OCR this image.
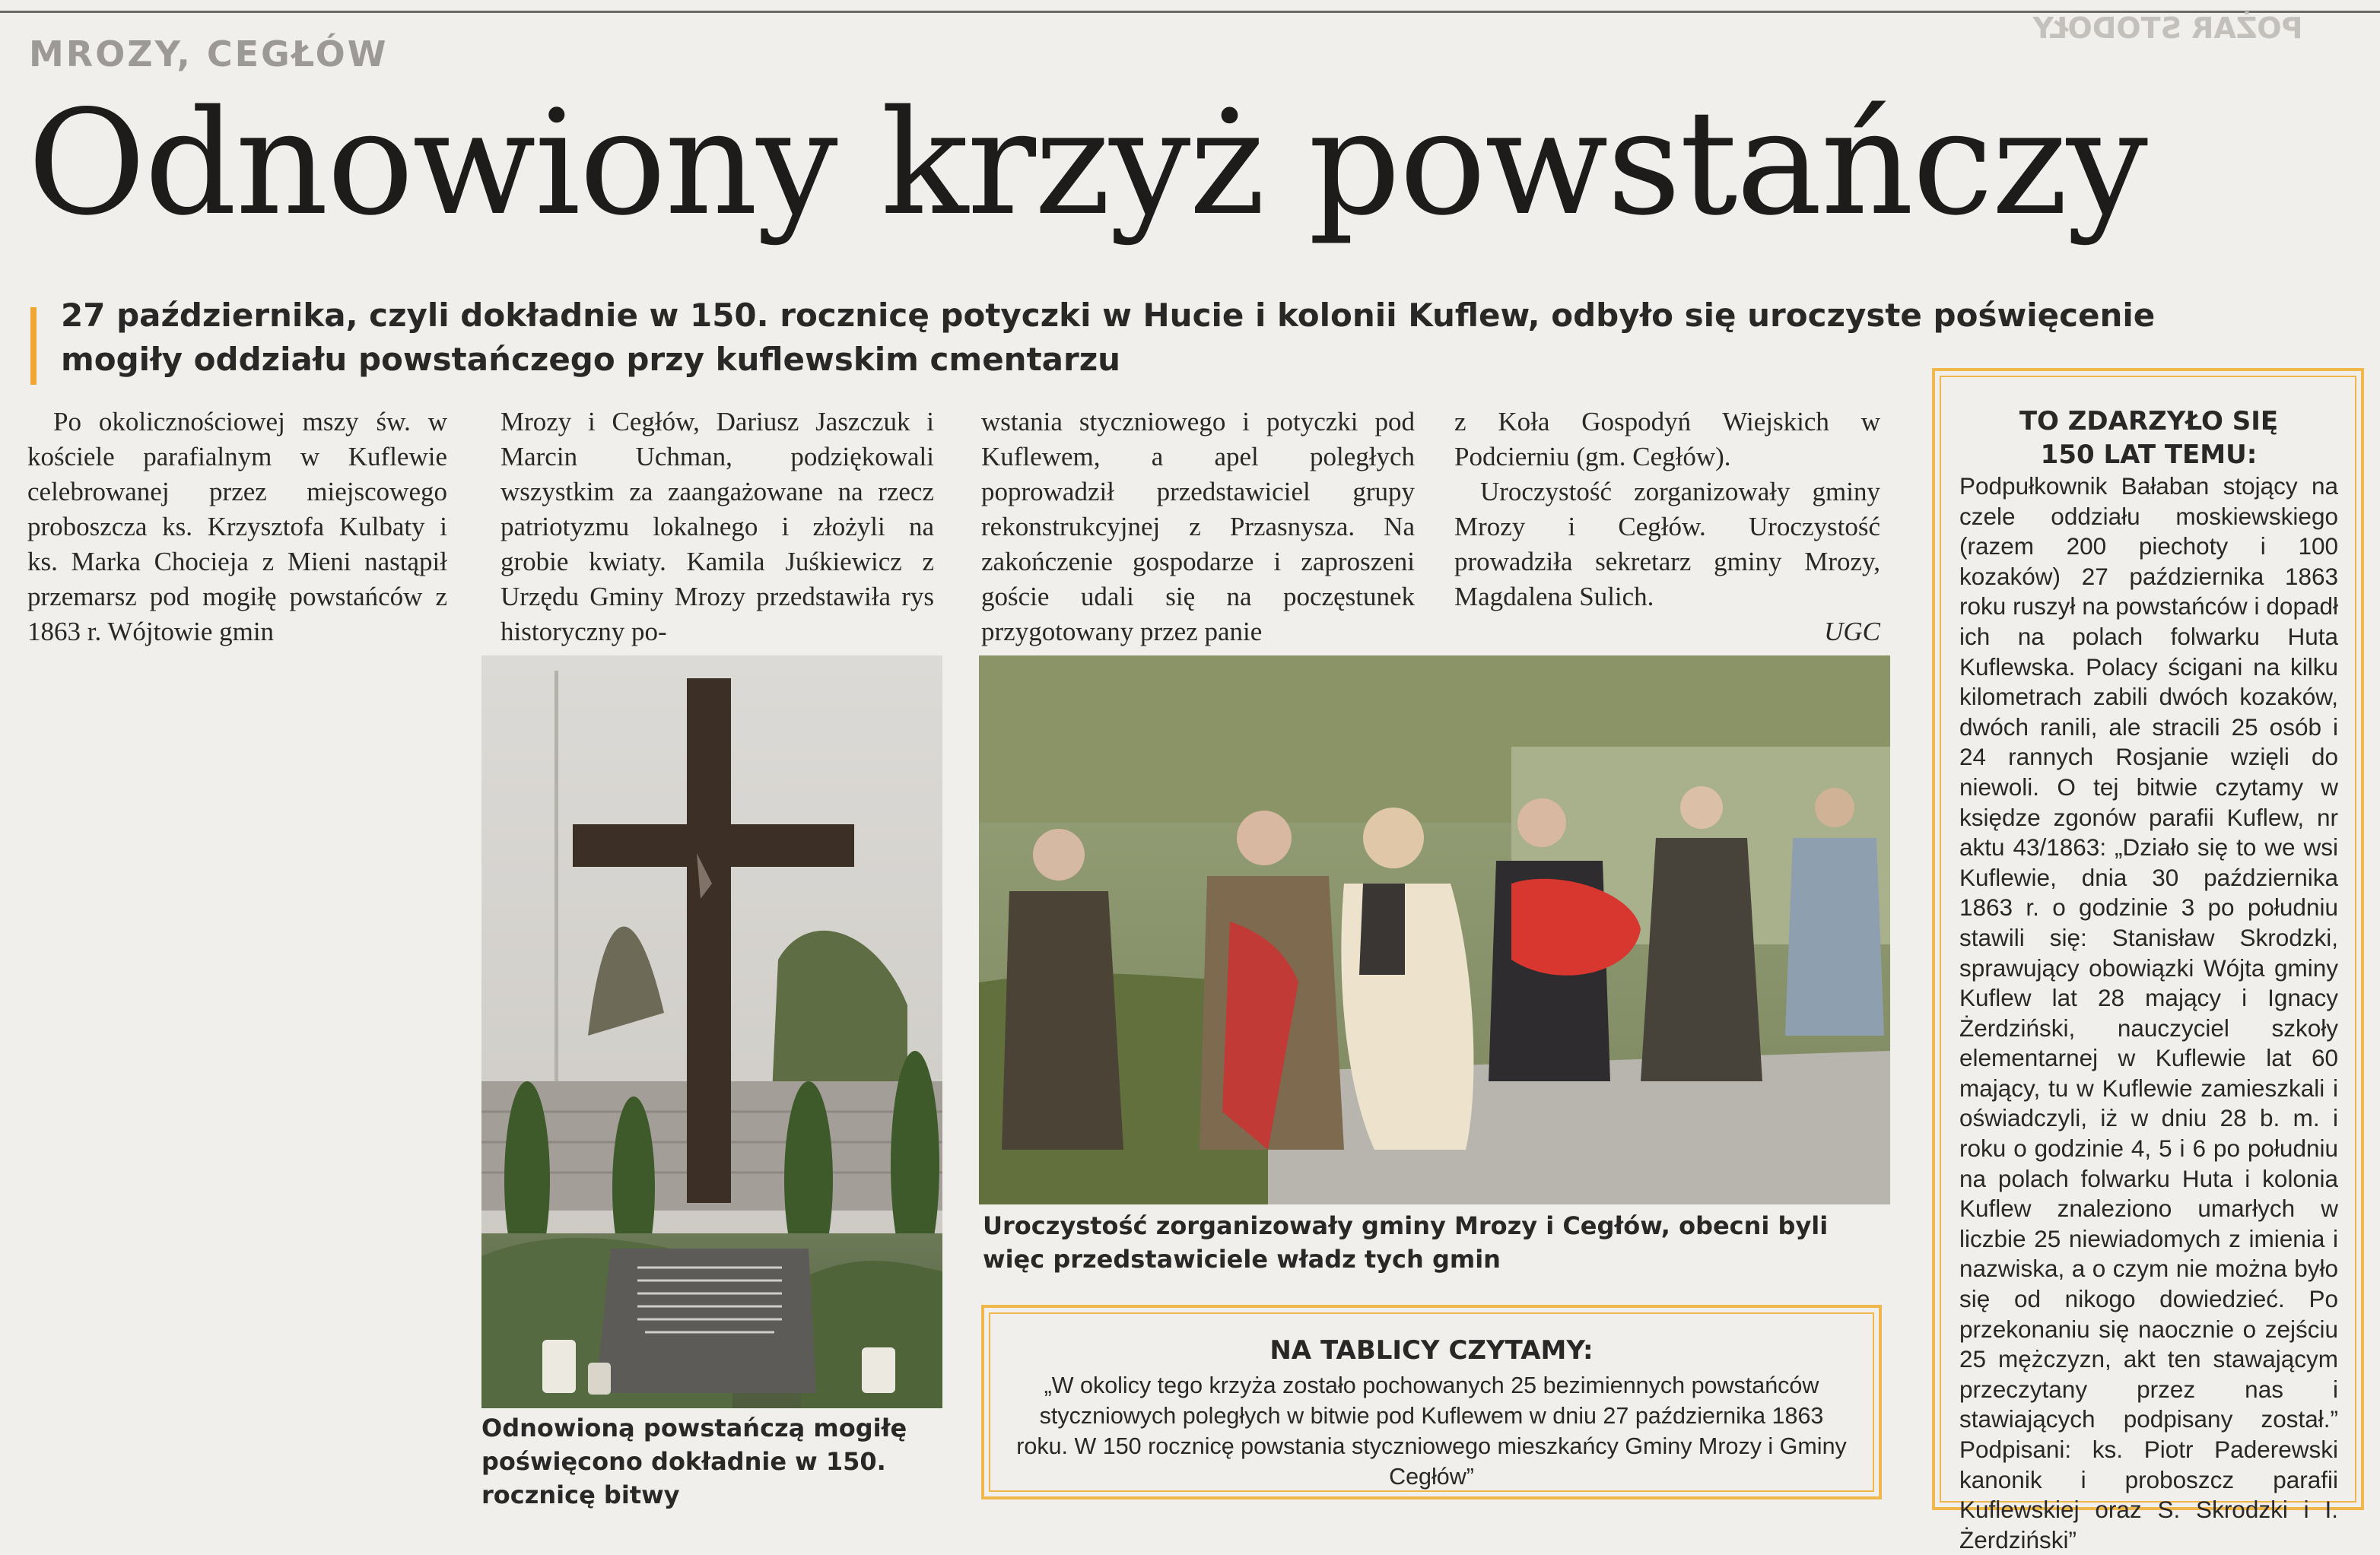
POŻAR STODOŁY
MROZY, CEGŁÓW
Odnowiony krzyż powstańczy
27 października, czyli dokładnie w 150. rocznicę potyczki w Hucie i kolonii Kuflew, odbyło się uroczyste poświęcenie mogiły oddziału powstańczego przy kuflewskim cmentarzu

Po okolicznościowej mszy św. w kościele parafialnym w Kuflewie celebrowanej przez miejscowego proboszcza ks. Krzysztofa Kulbaty i ks. Marka Chocieja z Mieni nastąpił przemarsz pod mogiłę powstańców z 1863 r. Wójtowie gmin

Mrozy i Cegłów, Dariusz Jaszczuk i Marcin Uchman, podziękowali wszystkim za zaangażowane na rzecz patriotyzmu lokalnego i złożyli na grobie kwiaty. Kamila Juśkiewicz z Urzędu Gminy Mrozy przedstawiła rys historyczny po-

wstania styczniowego i potyczki pod Kuflewem, a apel poległych poprowadził przedstawiciel grupy rekonstrukcyjnej z Przasnysza. Na zakończenie gospodarze i zaproszeni goście udali się na poczęstunek przygotowany przez panie

z Koła Gospodyń Wiejskich w Podcierniu (gm. Cegłów).

Uroczystość zorganizowały gminy Mrozy i Cegłów. Uroczystość prowadziła sekretarz gminy Mrozy, Magdalena Sulich.

UGC

Odnowioną powstańczą mogiłę poświęcono dokładnie w 150. rocznicę bitwy
Uroczystość zorganizowały gminy Mrozy i Cegłów, obecni byli więc przedstawiciele władz tych gmin
NA TABLICY CZYTAMY:
„W okolicy tego krzyża zostało pochowanych 25 bezimiennych powstańców styczniowych poległych w bitwie pod Kuflewem w dniu 27 października 1863 roku. W 150 rocznicę powstania styczniowego mieszkańcy Gminy Mrozy i Gminy Cegłów”
TO ZDARZYŁO SIĘ 150 LAT TEMU:
Podpułkownik Bałaban stojący na czele oddziału moskiewskiego (razem 200 piechoty i 100 kozaków) 27 października 1863 roku ruszył na powstańców i dopadł ich na polach folwarku Huta Kuflewska. Polacy ścigani na kilku kilometrach zabili dwóch kozaków, dwóch ranili, ale stracili 25 osób i 24 rannych Rosjanie wzięli do niewoli. O tej bitwie czytamy w księdze zgonów parafii Kuflew, nr aktu 43/1863: „Działo się to we wsi Kuflewie, dnia 30 października 1863 r. o godzinie 3 po południu stawili się: Stanisław Skrodzki, sprawujący obowiązki Wójta gminy Kuflew lat 28 mający i Ignacy Żerdziński, nauczyciel szkoły elementarnej w Kuflewie lat 60 mający, tu w Kuflewie zamieszkali i oświadczyli, iż w dniu 28 b. m. i roku o godzinie 4, 5 i 6 po południu na polach folwarku Huta i kolonia Kuflew znaleziono umarłych w liczbie 25 niewiadomych z imienia i nazwiska, a o czym nie można było się od nikogo dowiedzieć. Po przekonaniu się naocznie o zejściu 25 mężczyzn, akt ten stawającym przeczytany przez nas i stawiających podpisany został.” Podpisani: ks. Piotr Paderewski kanonik i proboszcz parafii Kuflewskiej oraz S. Skrodzki i I. Żerdziński”
